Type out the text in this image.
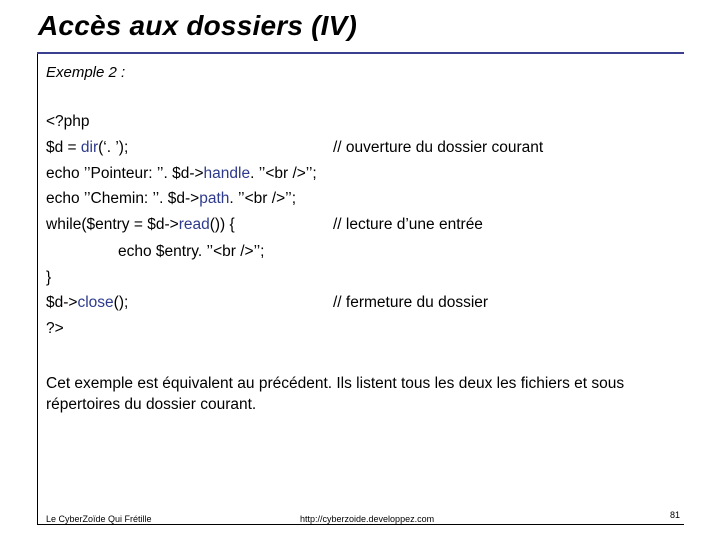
Accès aux dossiers (IV)
Exemple 2 :
<?php
$d = dir(‘. ’);	// ouverture du dossier courant
echo ’’Pointeur: ’’. $d->handle. ’’<br />’’;
echo ’’Chemin: ’’. $d->path. ’’<br />’’;
while($entry = $d->read()) {	// lecture d’une entrée
echo $entry. ’’<br />’’;
}
$d->close();	// fermeture du dossier
?>
Cet exemple est équivalent au précédent. Ils listent tous les deux les fichiers et sous répertoires du dossier courant.
Le CyberZoïde Qui Frétille	http://cyberzoide.developpez.com	81
